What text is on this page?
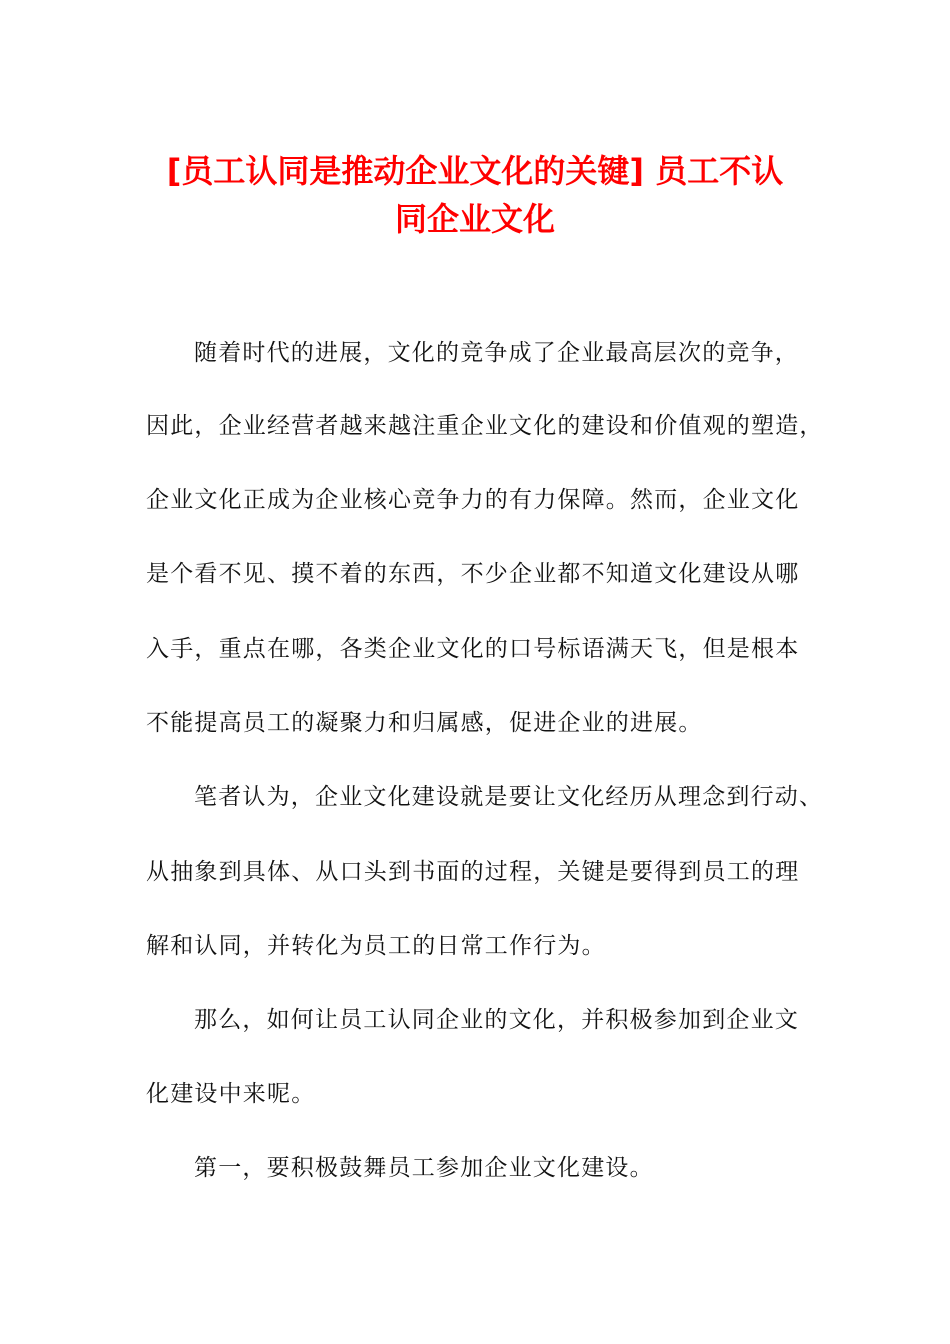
[员工认同是推动企业文化的关键] 员工不认
同企业文化
随着时代的进展，文化的竞争成了企业最高层次的竞争，
因此，企业经营者越来越注重企业文化的建设和价值观的塑造，
企业文化正成为企业核心竞争力的有力保障。然而，企业文化
是个看不见、摸不着的东西，不少企业都不知道文化建设从哪
入手，重点在哪，各类企业文化的口号标语满天飞，但是根本
不能提高员工的凝聚力和归属感，促进企业的进展。
笔者认为，企业文化建设就是要让文化经历从理念到行动、
从抽象到具体、从口头到书面的过程，关键是要得到员工的理
解和认同，并转化为员工的日常工作行为。
那么，如何让员工认同企业的文化，并积极参加到企业文
化建设中来呢。
第一，要积极鼓舞员工参加企业文化建设。
